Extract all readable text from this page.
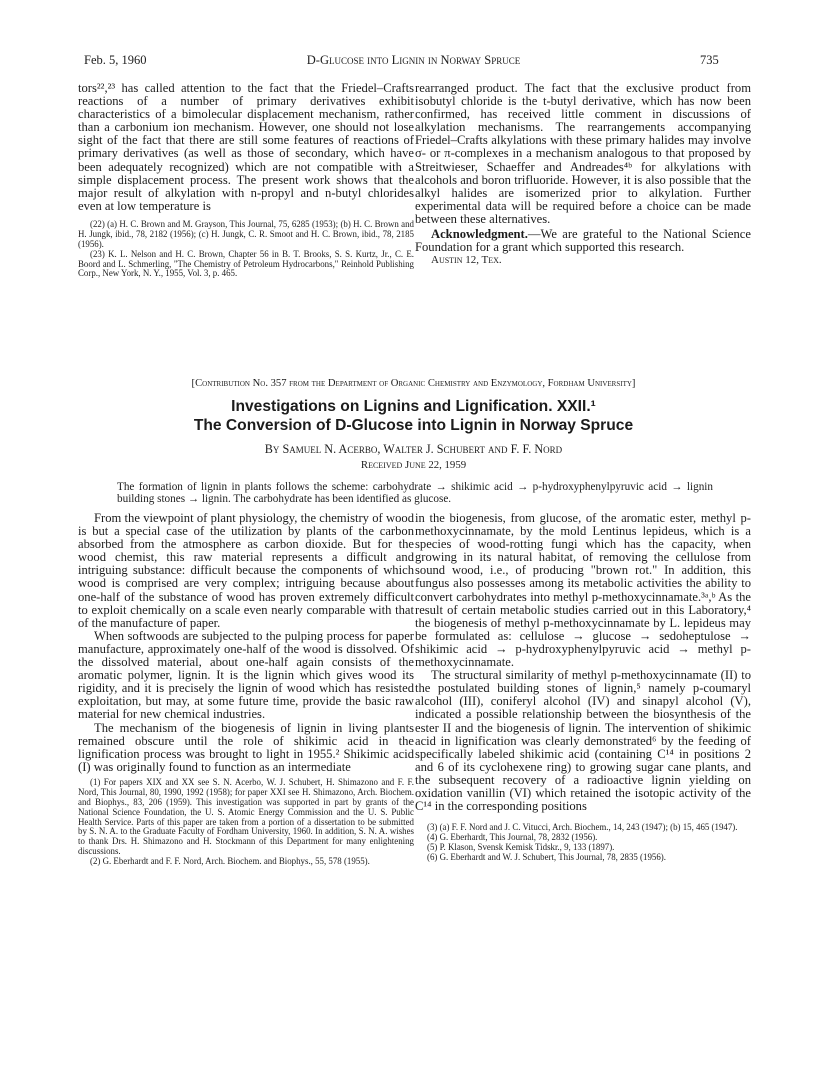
Feb. 5, 1960	D-Glucose into Lignin in Norway Spruce	735

tors²²,²³ has called attention to the fact that the Friedel–Crafts reactions of a number of primary derivatives exhibit characteristics of a bimolecular displacement mechanism, rather than a carbonium ion mechanism. However, one should not lose sight of the fact that there are still some features of reactions of primary derivatives (as well as those of secondary, which have been adequately recognized) which are not compatible with a simple displacement process. The present work shows that the major result of alkylation with n-propyl and n-butyl chlorides even at low temperature is

(22) (a) H. C. Brown and M. Grayson, This Journal, 75, 6285 (1953); (b) H. C. Brown and H. Jungk, ibid., 78, 2182 (1956); (c) H. Jungk, C. R. Smoot and H. C. Brown, ibid., 78, 2185 (1956).

(23) K. L. Nelson and H. C. Brown, Chapter 56 in B. T. Brooks, S. S. Kurtz, Jr., C. E. Boord and L. Schmerling, "The Chemistry of Petroleum Hydrocarbons," Reinhold Publishing Corp., New York, N. Y., 1955, Vol. 3, p. 465.

rearranged product. The fact that the exclusive product from isobutyl chloride is the t-butyl derivative, which has now been confirmed, has received little comment in discussions of alkylation mechanisms. The rearrangements accompanying Friedel–Crafts alkylations with these primary halides may involve σ- or π-complexes in a mechanism analogous to that proposed by Streitwieser, Schaeffer and Andreades⁴ᵇ for alkylations with alcohols and boron trifluoride. However, it is also possible that the alkyl halides are isomerized prior to alkylation. Further experimental data will be required before a choice can be made between these alternatives.

Acknowledgment.—We are grateful to the National Science Foundation for a grant which supported this research.

Austin 12, Tex.

[Contribution No. 357 from the Department of Organic Chemistry and Enzymology, Fordham University]
Investigations on Lignins and Lignification. XXII.¹
The Conversion of D-Glucose into Lignin in Norway Spruce
By Samuel N. Acerbo, Walter J. Schubert and F. F. Nord
Received June 22, 1959
The formation of lignin in plants follows the scheme: carbohydrate → shikimic acid → p-hydroxyphenylpyruvic acid → lignin building stones → lignin. The carbohydrate has been identified as glucose.

From the viewpoint of plant physiology, the chemistry of wood is but a special case of the utilization by plants of the carbon absorbed from the atmosphere as carbon dioxide. But for the wood chemist, this raw material represents a difficult and intriguing substance: difficult because the components of which wood is comprised are very complex; intriguing because about one-half of the substance of wood has proven extremely difficult to exploit chemically on a scale even nearly comparable with that of the manufacture of paper.

When softwoods are subjected to the pulping process for paper manufacture, approximately one-half of the wood is dissolved. Of the dissolved material, about one-half again consists of the aromatic polymer, lignin. It is the lignin which gives wood its rigidity, and it is precisely the lignin of wood which has resisted exploitation, but may, at some future time, provide the basic raw material for new chemical industries.

The mechanism of the biogenesis of lignin in living plants remained obscure until the role of shikimic acid in the lignification process was brought to light in 1955.² Shikimic acid (I) was originally found to function as an intermediate

(1) For papers XIX and XX see S. N. Acerbo, W. J. Schubert, H. Shimazono and F. F. Nord, This Journal, 80, 1990, 1992 (1958); for paper XXI see H. Shimazono, Arch. Biochem. and Biophys., 83, 206 (1959). This investigation was supported in part by grants of the National Science Foundation, the U. S. Atomic Energy Commission and the U. S. Public Health Service. Parts of this paper are taken from a portion of a dissertation to be submitted by S. N. A. to the Graduate Faculty of Fordham University, 1960. In addition, S. N. A. wishes to thank Drs. H. Shimazono and H. Stockmann of this Department for many enlightening discussions.

(2) G. Eberhardt and F. F. Nord, Arch. Biochem. and Biophys., 55, 578 (1955).

in the biogenesis, from glucose, of the aromatic ester, methyl p-methoxycinnamate, by the mold Lentinus lepideus, which is a species of wood-rotting fungi which has the capacity, when growing in its natural habitat, of removing the cellulose from sound wood, i.e., of producing "brown rot." In addition, this fungus also possesses among its metabolic activities the ability to convert carbohydrates into methyl p-methoxycinnamate.³ᵃ,ᵇ As the result of certain metabolic studies carried out in this Laboratory,⁴ the biogenesis of methyl p-methoxycinnamate by L. lepideus may be formulated as: cellulose → glucose → sedoheptulose → shikimic acid → p-hydroxyphenylpyruvic acid → methyl p-methoxycinnamate.

The structural similarity of methyl p-methoxycinnamate (II) to the postulated building stones of lignin,⁵ namely p-coumaryl alcohol (III), coniferyl alcohol (IV) and sinapyl alcohol (V), indicated a possible relationship between the biosynthesis of the ester II and the biogenesis of lignin. The intervention of shikimic acid in lignification was clearly demonstrated⁶ by the feeding of specifically labeled shikimic acid (containing C¹⁴ in positions 2 and 6 of its cyclohexene ring) to growing sugar cane plants, and the subsequent recovery of a radioactive lignin yielding on oxidation vanillin (VI) which retained the isotopic activity of the C¹⁴ in the corresponding positions

(3) (a) F. F. Nord and J. C. Vitucci, Arch. Biochem., 14, 243 (1947); (b) 15, 465 (1947).

(4) G. Eberhardt, This Journal, 78, 2832 (1956).

(5) P. Klason, Svensk Kemisk Tidskr., 9, 133 (1897).

(6) G. Eberhardt and W. J. Schubert, This Journal, 78, 2835 (1956).
